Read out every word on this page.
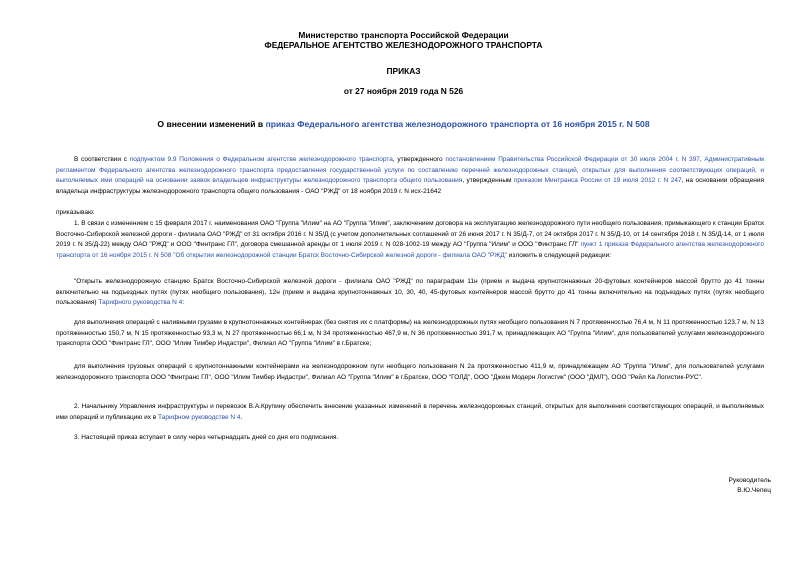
Министерство транспорта Российской Федерации
ФЕДЕРАЛЬНОЕ АГЕНТСТВО ЖЕЛЕЗНОДОРОЖНОГО ТРАНСПОРТА
ПРИКАЗ
от 27 ноября 2019 года N 526
О внесении изменений в приказ Федерального агентства железнодорожного транспорта от 16 ноября 2015 г. N 508
В соответствии с подпунктом 9.9 Положения о Федеральном агентстве железнодорожного транспорта, утвержденного постановлением Правительства Российской Федерации от 30 июля 2004 г. N 397, Административным регламентом Федерального агентства железнодорожного транспорта предоставления государственной услуги по составлению перечней железнодорожных станций, открытых для выполнения соответствующих операций, и выполняемых ими операций на основании заявок владельцев инфраструктуры железнодорожного транспорта общего пользования, утвержденным приказом Минтранса России от 19 июля 2012 г. N 247, на основании обращения владельца инфраструктуры железнодорожного транспорта общего пользования - ОАО "РЖД" от 18 ноября 2019 г. N исх-21642
приказываю:
1. В связи с изменением с 15 февраля 2017 г. наименования ОАО "Группа "Илим" на АО "Группа "Илим", заключением договора на эксплуатацию железнодорожного пути необщего пользования, примыкающего к станции Братск Восточно-Сибирской железной дороги - филиала ОАО "РЖД" от 31 октября 2016 г. N 35/Д (с учетом дополнительных соглашений от 26 июня 2017 г. N 35/Д-7, от 24 октября 2017 г. N 35/Д-10, от 14 сентября 2018 г. N 35/Д-14, от 1 июля 2019 г. N 35/Д-22) между ОАО "РЖД" и ООО "Финтранс ГЛ", договора смешанной аренды от 1 июля 2019 г. N 028-1002-19 между АО "Группа "Илим" и ООО "Финтранс ГЛ" пункт 1 приказа Федерального агентства железнодорожного транспорта от 16 ноября 2015 г. N 508 "Об открытии железнодорожной станции Братск Восточно-Сибирской железной дороги - филиала ОАО "РЖД" изложить в следующей редакции:
"Открыть железнодорожную станцию Братск Восточно-Сибирской железной дороги - филиала ОАО "РЖД" по параграфам 11н (прием и выдача крупнотоннажных 20-футовых контейнеров массой брутто до 41 тонны включительно на подъездных путях (путях необщего пользования), 12н (прием и выдача крупнотоннажных 10, 30, 40, 45-футовых контейнеров массой брутто до 41 тонны включительно на подъездных путях (путях необщего пользования) Тарифного руководства N 4:
для выполнения операций с наливными грузами в крупнотоннажных контейнерах (без снятия их с платформы) на железнодорожных путях необщего пользования N 7 протяженностью 76,4 м, N 11 протяженностью 123,7 м, N 13 протяженностью 150,7 м, N 15 протяженностью 93,3 м, N 27 протяженностью 66,1 м, N 34 протяженностью 467,9 м, N 36 протяженностью 391,7 м, принадлежащих АО "Группа "Илим", для пользователей услугами железнодорожного транспорта ООО "Финтранс ГЛ", ООО "Илим Тимбер Индастри", Филиал АО "Группа "Илим" в г.Братске;
для выполнения грузовых операций с крупнотоннажными контейнерами на железнодорожном пути необщего пользования N 2а протяженностью 411,9 м, принадлежащем АО "Группа "Илим", для пользователей услугами железнодорожного транспорта ООО "Финтранс ГЛ", ООО "Илим Тимбер Индастри", Филиал АО "Группа "Илим" в г.Братске, ООО "ГОЛД", ООО "Джем Модерн Логистик" (ООО "ДМЛ"), ООО "Рейл Ка Логистик-РУС".
2. Начальнику Управления инфраструктуры и перевозок В.А.Крупину обеспечить внесение указанных изменений в перечень железнодорожных станций, открытых для выполнения соответствующих операций, и выполняемых ими операций и публикацию их в Тарифном руководстве N 4.
3. Настоящий приказ вступает в силу через четырнадцать дней со дня его подписания.
Руководитель
В.Ю.Чепец
